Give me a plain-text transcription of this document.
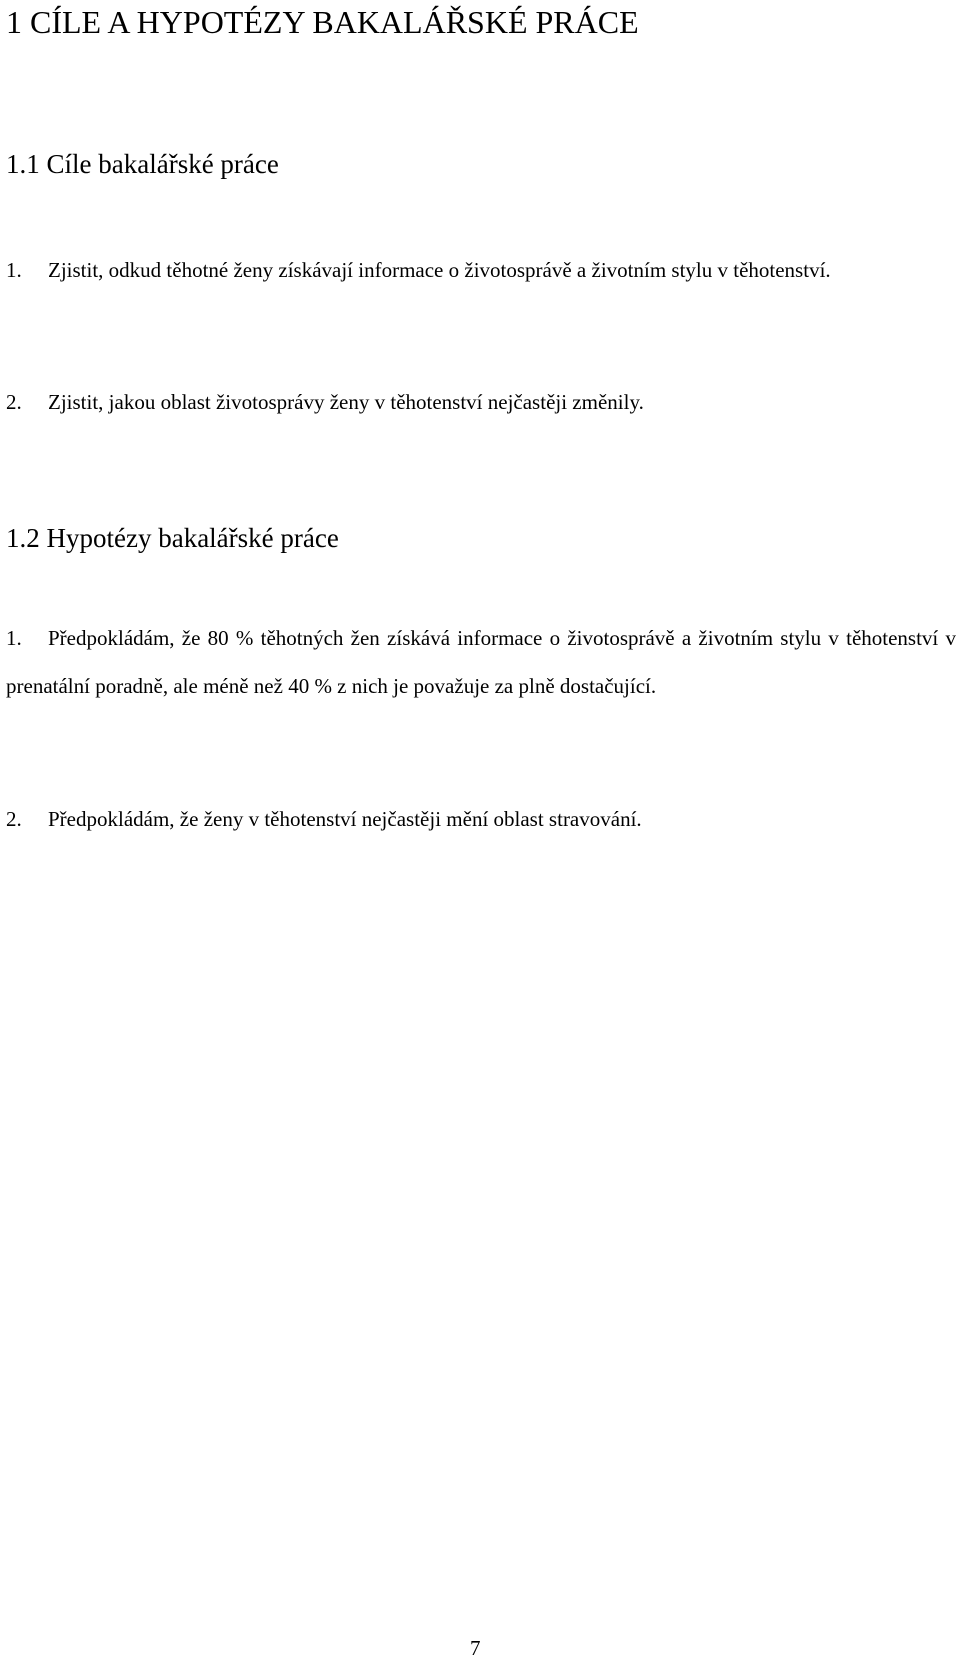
1 CÍLE A HYPOTÉZY BAKALÁŘSKÉ PRÁCE
1.1 Cíle bakalářské práce

1. Zjistit, odkud těhotné ženy získávají informace o životosprávě a životním stylu v těhotenství.

2. Zjistit, jakou oblast životosprávy ženy v těhotenství nejčastěji změnily.

1.2 Hypotézy bakalářské práce

1. Předpokládám, že 80 % těhotných žen získává informace o životosprávě a životním stylu v těhotenství v prenatální poradně, ale méně než 40 % z nich je považuje za plně dostačující.

2. Předpokládám, že ženy v těhotenství nejčastěji mění oblast stravování.

7
